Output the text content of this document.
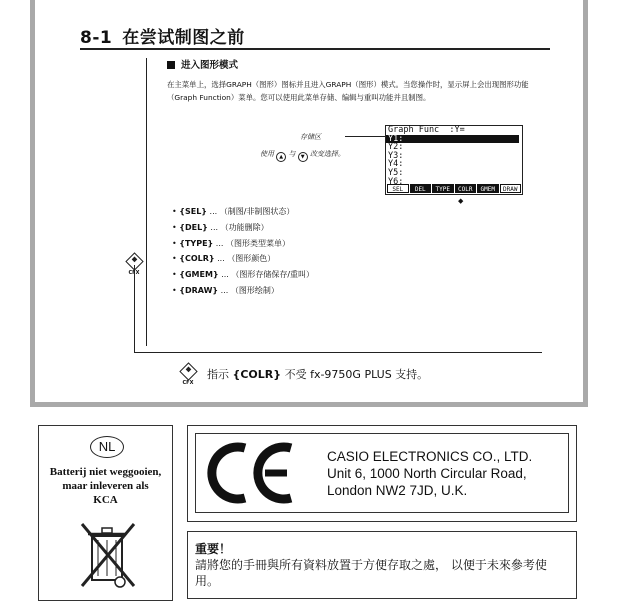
8-1 在尝试制图之前
进入图形模式
在主菜单上，选择GRAPH（图形）图标并且进入GRAPH（图形）模式。当您操作时，显示屏上会出现图形功能（Graph Function）菜单。您可以使用此菜单存储、编辑与重叫功能并且制图。
存储区
使用 ▲ 与 ▼ 改变选择。
Graph Func  :Y=
Y1:
Y2:
Y3:
Y4:
Y5:
Y6:
SEL	DEL	TYPE	COLR	GMEM	DRAW
◆
• {SEL} ... （制图/非制图状态）
• {DEL} ... （功能删除）
• {TYPE} ... （图形类型菜单）
• {COLR} ... （图形颜色）
• {GMEM} ... （图形存储保存/重叫）
• {DRAW} ... （图形绘制）
CFX
CFX
指示 {COLR} 不受 fx-9750G PLUS 支持。
NL
Batterij niet weggooien,
maar inleveren als
KCA
CASIO ELECTRONICS CO., LTD.
Unit 6, 1000 North Circular Road,
London NW2 7JD, U.K.
重要！
請將您的手冊與所有資料放置于方便存取之處， 以便于未來參考使用。
